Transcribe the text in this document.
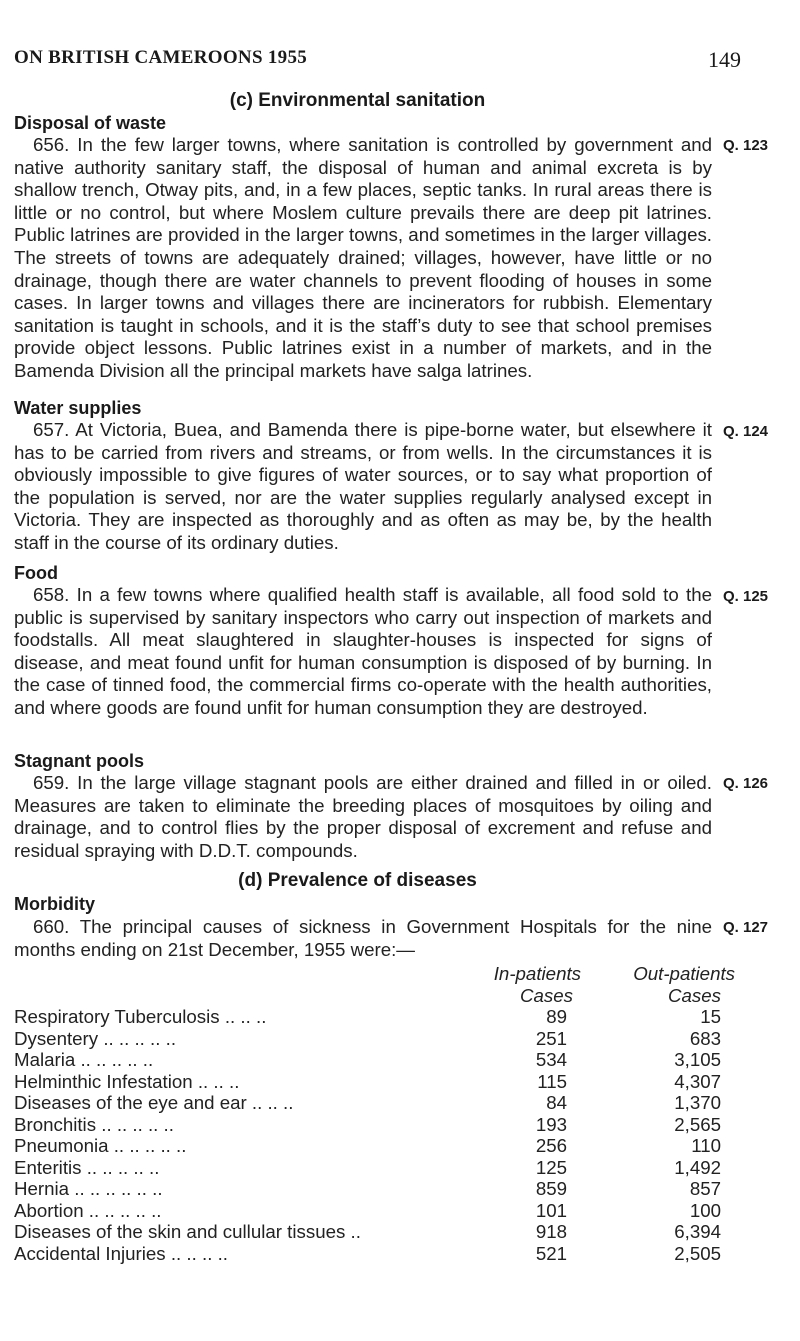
ON BRITISH CAMEROONS 1955	149
(c) Environmental sanitation
Disposal of waste
656. In the few larger towns, where sanitation is controlled by government and native authority sanitary staff, the disposal of human and animal excreta is by shallow trench, Otway pits, and, in a few places, septic tanks. In rural areas there is little or no control, but where Moslem culture prevails there are deep pit latrines. Public latrines are provided in the larger towns, and sometimes in the larger villages. The streets of towns are adequately drained; villages, however, have little or no drainage, though there are water channels to prevent flooding of houses in some cases. In larger towns and villages there are incinerators for rubbish. Elementary sanitation is taught in schools, and it is the staff’s duty to see that school premises provide object lessons. Public latrines exist in a number of markets, and in the Bamenda Division all the principal markets have salga latrines.
Q. 123
Water supplies
657. At Victoria, Buea, and Bamenda there is pipe-borne water, but elsewhere it has to be carried from rivers and streams, or from wells. In the circumstances it is obviously impossible to give figures of water sources, or to say what proportion of the population is served, nor are the water supplies regularly analysed except in Victoria. They are inspected as thoroughly and as often as may be, by the health staff in the course of its ordinary duties.
Q. 124
Food
658. In a few towns where qualified health staff is available, all food sold to the public is supervised by sanitary inspectors who carry out inspection of markets and foodstalls. All meat slaughtered in slaughter-houses is inspected for signs of disease, and meat found unfit for human consumption is disposed of by burning. In the case of tinned food, the commercial firms co-operate with the health authorities, and where goods are found unfit for human consumption they are destroyed.
Q. 125
Stagnant pools
659. In the large village stagnant pools are either drained and filled in or oiled. Measures are taken to eliminate the breeding places of mosquitoes by oiling and drainage, and to control flies by the proper disposal of excrement and refuse and residual spraying with D.D.T. compounds.
Q. 126
(d) Prevalence of diseases
Morbidity
660. The principal causes of sickness in Government Hospitals for the nine months ending on 21st December, 1955 were:—
Q. 127
	In-patients	Out-patients
	Cases	Cases
Respiratory Tuberculosis .. .. ..	89	15
Dysentery .. .. .. .. ..	251	683
Malaria .. .. .. .. ..	534	3,105
Helminthic Infestation .. .. ..	115	4,307
Diseases of the eye and ear .. .. ..	84	1,370
Bronchitis .. .. .. .. ..	193	2,565
Pneumonia .. .. .. .. ..	256	110
Enteritis .. .. .. .. ..	125	1,492
Hernia .. .. .. .. .. ..	859	857
Abortion .. .. .. .. ..	101	100
Diseases of the skin and cullular tissues ..	918	6,394
Accidental Injuries .. .. .. ..	521	2,505
